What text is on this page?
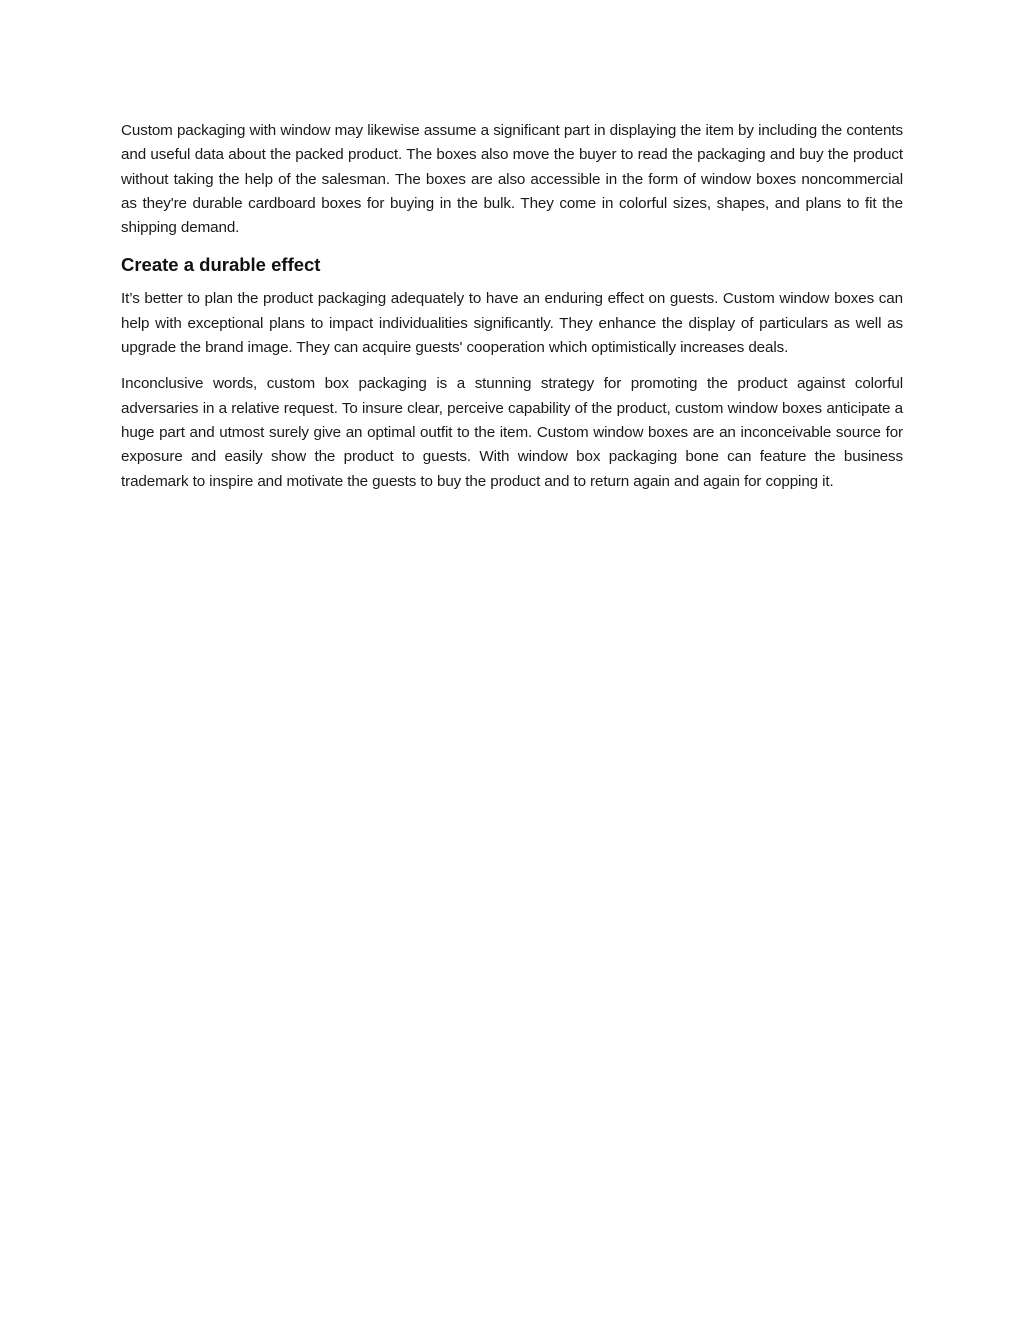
Custom packaging with window may likewise assume a significant part in displaying the item by including the contents and useful data about the packed product. The boxes also move the buyer to read the packaging and buy the product without taking the help of the salesman. The boxes are also accessible in the form of window boxes noncommercial as they're durable cardboard boxes for buying in the bulk. They come in colorful sizes, shapes, and plans to fit the shipping demand.

Create a durable effect

It’s better to plan the product packaging adequately to have an enduring effect on guests. Custom window boxes can help with exceptional plans to impact individualities significantly. They enhance the display of particulars as well as upgrade the brand image. They can acquire guests' cooperation which optimistically increases deals.

Inconclusive words, custom box packaging is a stunning strategy for promoting the product against colorful adversaries in a relative request. To insure clear, perceive capability of the product, custom window boxes anticipate a huge part and utmost surely give an optimal outfit to the item. Custom window boxes are an inconceivable source for exposure and easily show the product to guests. With window box packaging bone can feature the business trademark to inspire and motivate the guests to buy the product and to return again and again for copping it.
